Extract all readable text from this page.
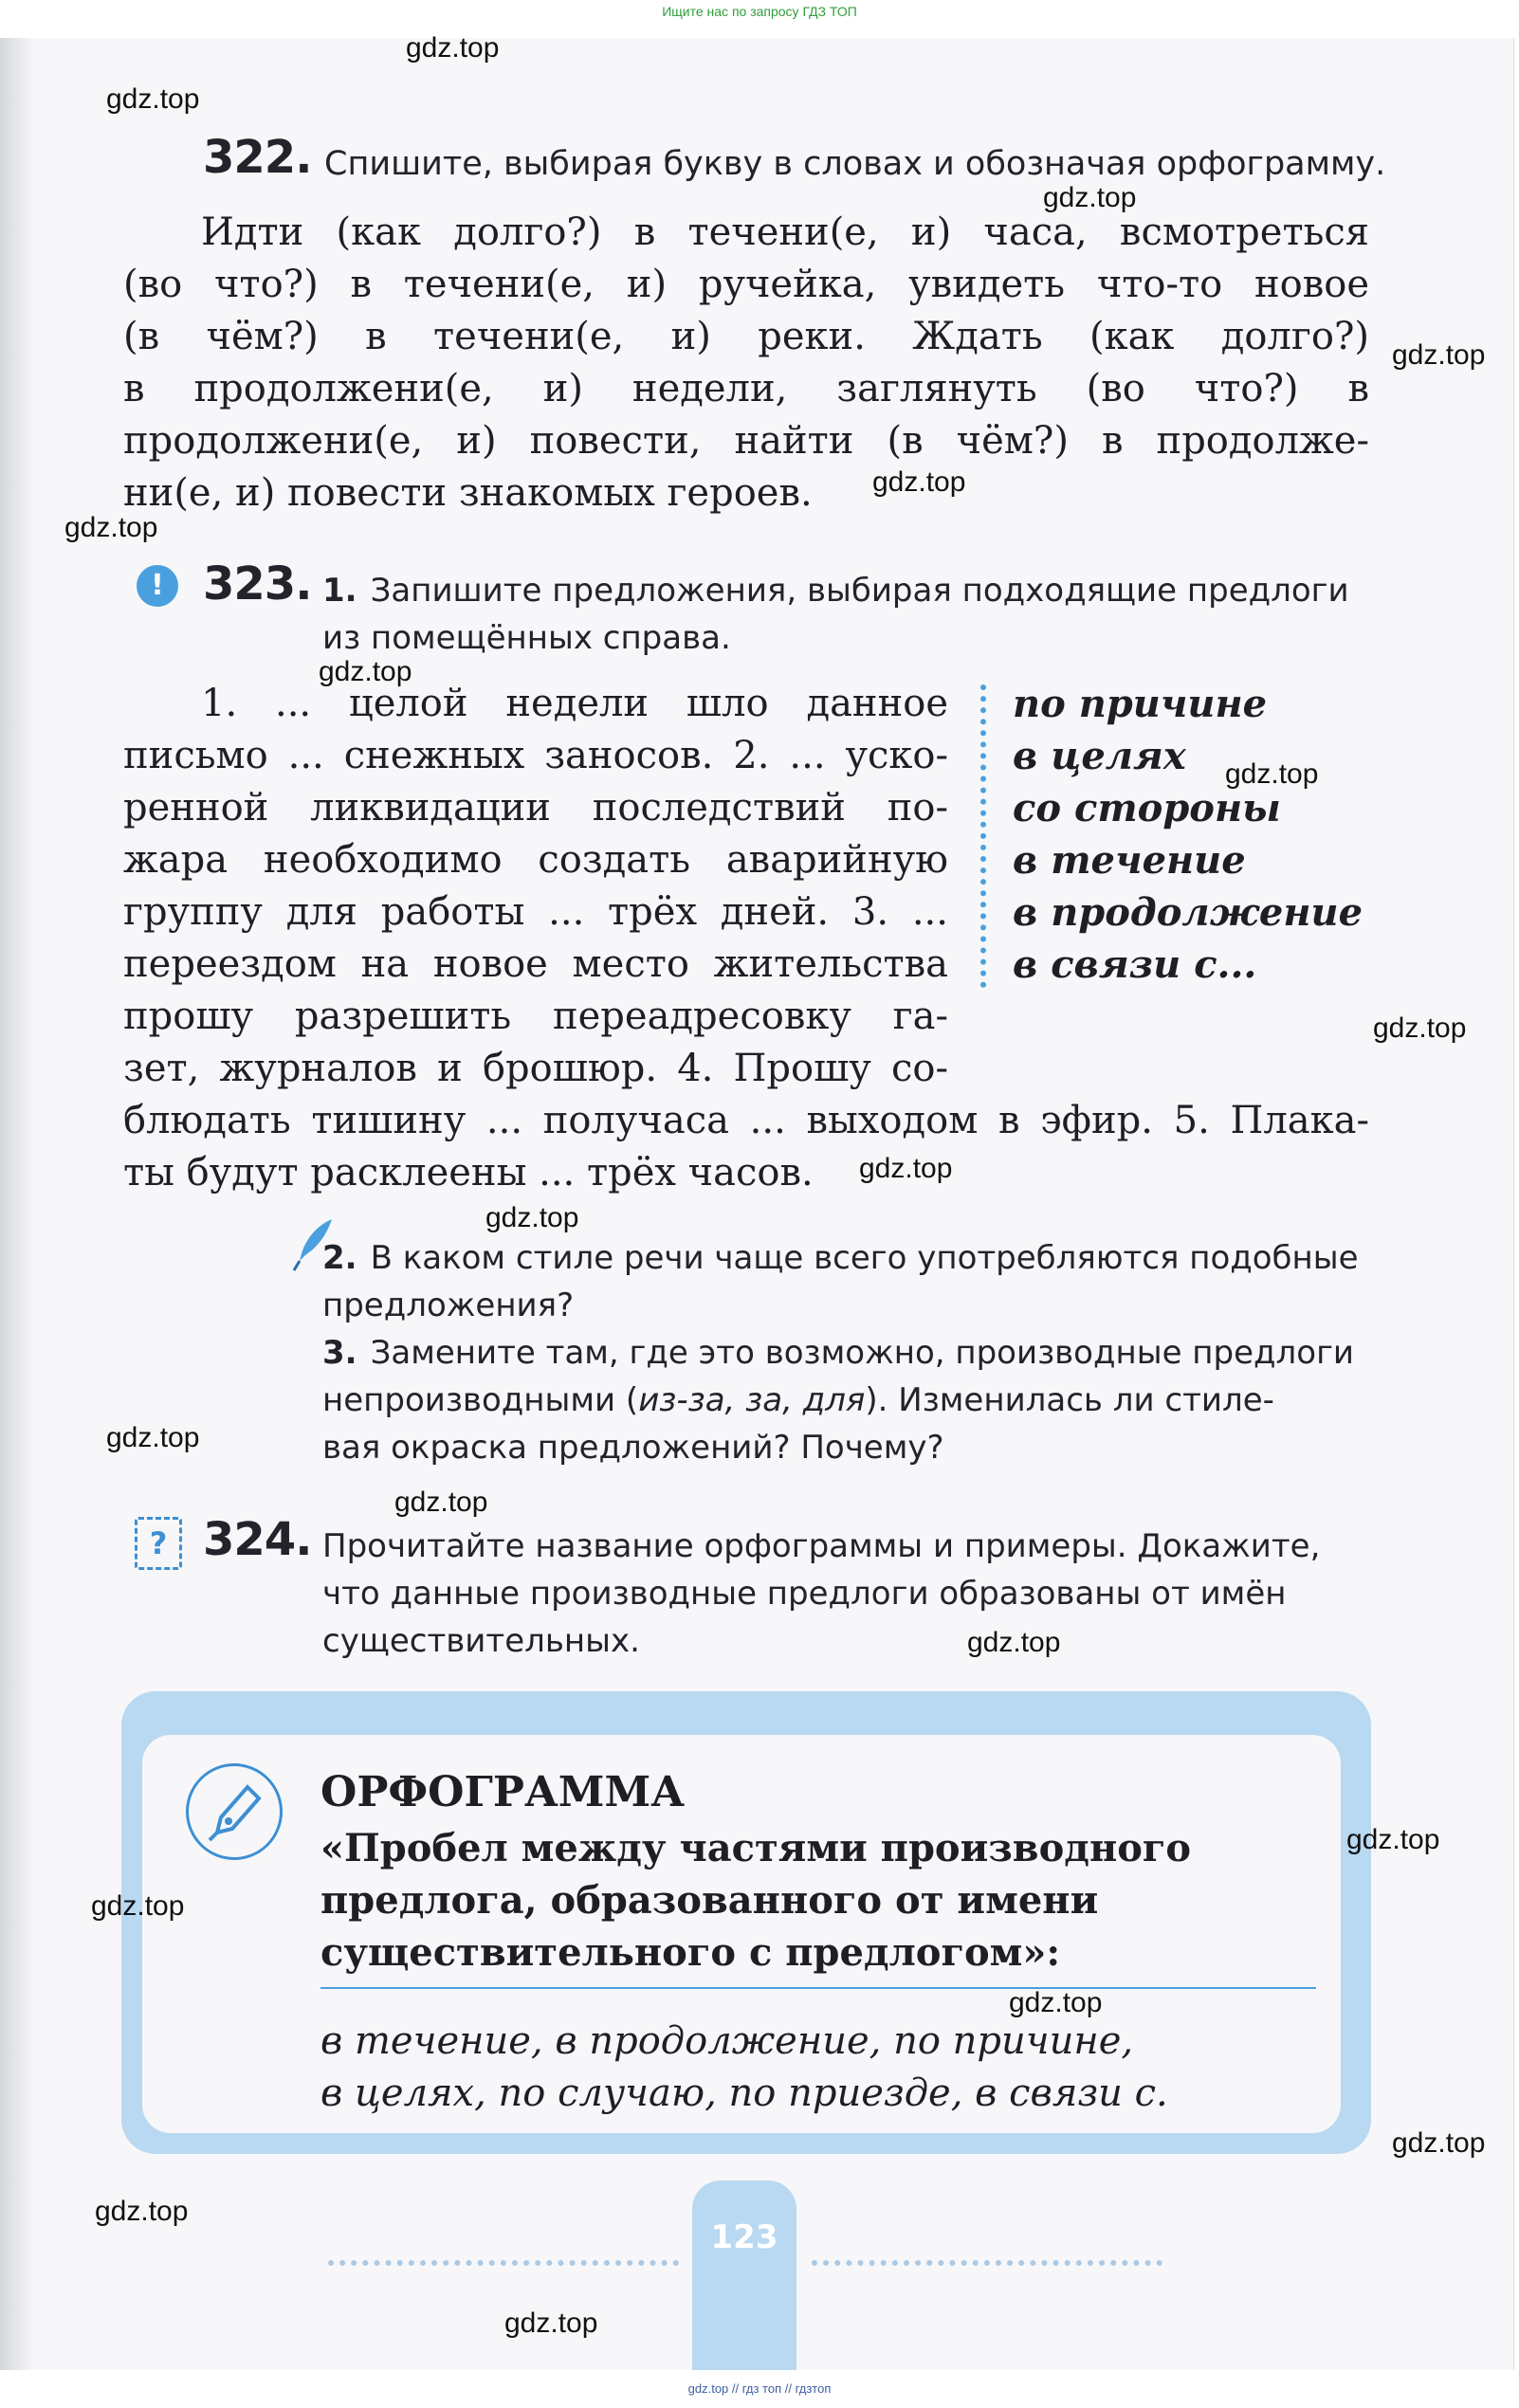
Ищите нас по запросу ГДЗ ТОП
322. Спишите, выбирая букву в словах и обозначая орфограмму.
Идти (как долго?) в течени(е, и) часа, всмотреться
(во что?) в течени(е, и) ручейка, увидеть что-то новое
(в чём?) в течени(е, и) реки. Ждать (как долго?)
в продолжени(е, и) недели, заглянуть (во что?) в
продолжени(е, и) повести, найти (в чём?) в продолже-
ни(е, и) повести знакомых героев.
! 323. 1. Запишите предложения, выбирая подходящие предлоги
из помещённых справа.
1. ... целой недели шло данное
письмо ... снежных заносов. 2. ... уско-
ренной ликвидации последствий по-
жара необходимо создать аварийную
группу для работы ... трёх дней. 3. ...
переездом на новое место жительства
прошу разрешить переадресовку га-
зет, журналов и брошюр. 4. Прошу со-
блюдать тишину ... получаса ... выходом в эфир. 5. Плака-
ты будут расклеены ... трёх часов.
по причине
в целях
со стороны
в течение
в продолжение
в связи с...
2. В каком стиле речи чаще всего употребляются подобные
предложения?
3. Замените там, где это возможно, производные предлоги
непроизводными (из-за, за, для). Изменилась ли стиле-
вая окраска предложений? Почему?
? 324. Прочитайте название орфограммы и примеры. Докажите,
что данные производные предлоги образованы от имён
существительных.
ОРФОГРАММА
«Пробел между частями производного
предлога, образованного от имени
существительного с предлогом»:
в течение, в продолжение, по причине,
в целях, по случаю, по приезде, в связи с.
123
gdz.top
gdz.top
gdz.top
gdz.top
gdz.top
gdz.top
gdz.top
gdz.top
gdz.top
gdz.top
gdz.top
gdz.top
gdz.top
gdz.top
gdz.top
gdz.top
gdz.top
gdz.top
gdz.top
gdz.top
gdz.top // гдз топ // гдзтоп
